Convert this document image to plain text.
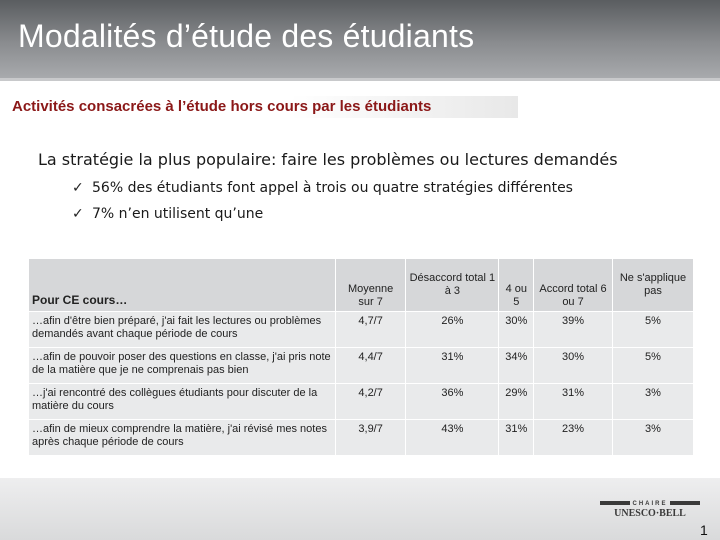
Modalités d’étude des étudiants
Activités consacrées à l’étude hors cours par les étudiants
La stratégie la plus populaire: faire les problèmes ou lectures demandés
✓ 56% des étudiants font appel à trois ou quatre stratégies différentes
✓ 7% n’en utilisent qu’une
Pour CE cours…	Moyenne sur 7	Désaccord total 1 à 3	4 ou 5	Accord total 6 ou 7	Ne s'applique pas
…afin d'être bien préparé, j'ai fait les lectures ou problèmes demandés avant chaque période de cours	4,7/7	26%	30%	39%	5%
…afin de pouvoir poser des questions en classe, j'ai pris note de la matière que je ne comprenais pas bien	4,4/7	31%	34%	30%	5%
…j'ai rencontré des collègues étudiants pour discuter de la matière du cours	4,2/7	36%	29%	31%	3%
…afin de mieux comprendre la matière, j'ai révisé mes notes après chaque période de cours	3,9/7	43%	31%	23%	3%
CHAIRE
UNESCO·BELL
1
